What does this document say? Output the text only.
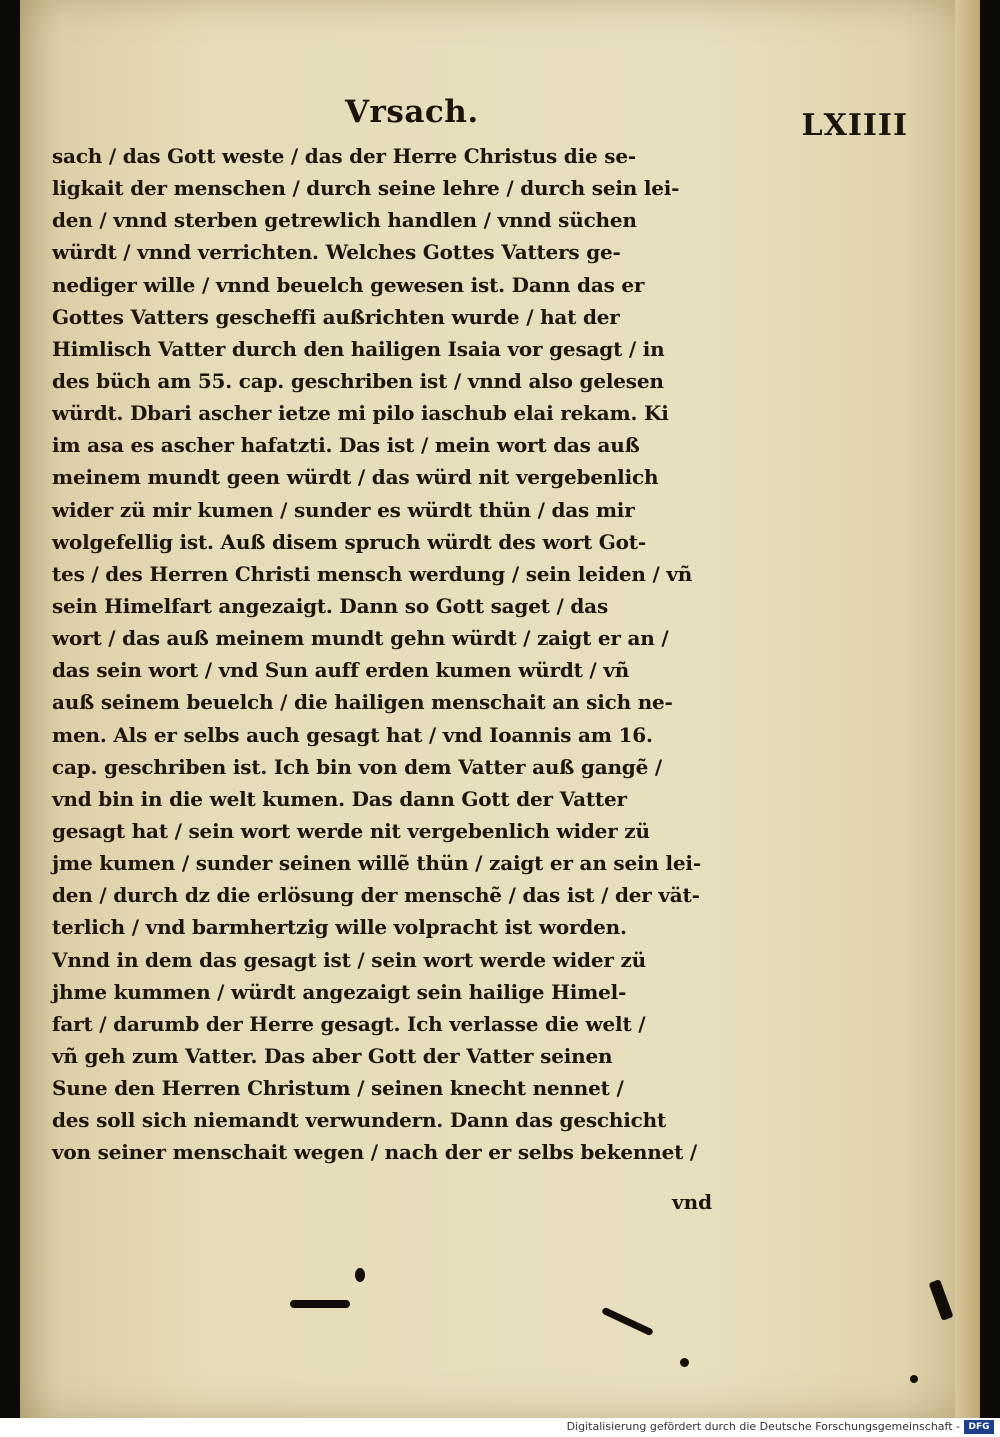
Vrsach.	LXIIII
sach / das Gott weste / das der Herre Christus die se-
ligkait der menschen / durch seine lehre / durch sein lei-
den / vnnd sterben getrewlich handlen / vnnd süchen
würdt / vnnd verrichten. Welches Gottes Vatters ge-
nediger wille / vnnd beuelch gewesen ist. Dann das er
Gottes Vatters gescheffi außrichten wurde / hat der
Himlisch Vatter durch den hailigen Isaia vor gesagt / in
des büch am 55. cap. geschriben ist / vnnd also gelesen
würdt. Dbari ascher ietze mi pilo iaschub elai rekam. Ki
im asa es ascher hafatzti. Das ist / mein wort das auß
meinem mundt geen würdt / das würd nit vergebenlich
wider zü mir kumen / sunder es würdt thün / das mir
wolgefellig ist. Auß disem spruch würdt des wort Got-
tes / des Herren Christi mensch werdung / sein leiden / vñ
sein Himelfart angezaigt. Dann so Gott saget / das
wort / das auß meinem mundt gehn würdt / zaigt er an /
das sein wort / vnd Sun auff erden kumen würdt / vñ
auß seinem beuelch / die hailigen menschait an sich ne-
men. Als er selbs auch gesagt hat / vnd Ioannis am 16.
cap. geschriben ist. Ich bin von dem Vatter auß gangẽ /
vnd bin in die welt kumen. Das dann Gott der Vatter
gesagt hat / sein wort werde nit vergebenlich wider zü
jme kumen / sunder seinen willẽ thün / zaigt er an sein lei-
den / durch dz die erlösung der menschẽ / das ist / der vät-
terlich / vnd barmhertzig wille volpracht ist worden.
Vnnd in dem das gesagt ist / sein wort werde wider zü
jhme kummen / würdt angezaigt sein hailige Himel-
fart / darumb der Herre gesagt. Ich verlasse die welt /
vñ geh zum Vatter. Das aber Gott der Vatter seinen
Sune den Herren Christum / seinen knecht nennet /
des soll sich niemandt verwundern. Dann das geschicht
von seiner menschait wegen / nach der er selbs bekennet /
vnd
Digitalisierung gefördert durch die Deutsche Forschungsgemeinschaft - DFG
